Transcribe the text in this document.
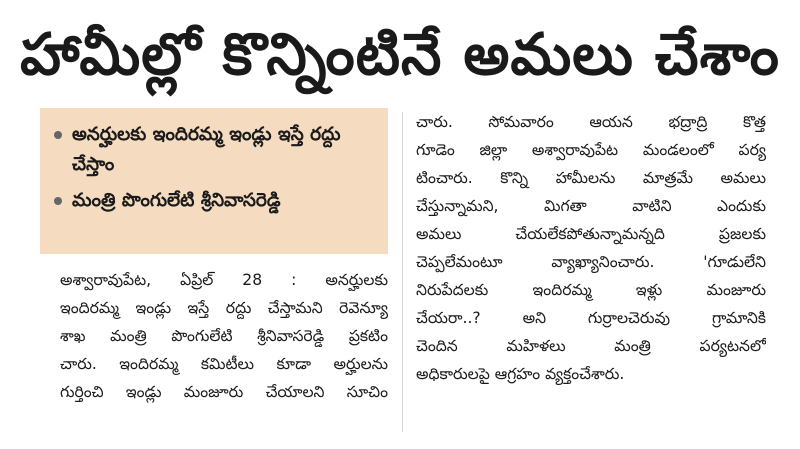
హామీల్లో కొన్నింటినే అమలు చేశాం
అనర్హులకు ఇందిరమ్మ ఇండ్లు ఇస్తే రద్దు చేస్తాం
మంత్రి పొంగులేటి శ్రీనివాసరెడ్డి
అశ్వారావుపేట, ఏప్రిల్ 28 : అనర్హులకు
ఇందిరమ్మ ఇండ్లు ఇస్తే రద్దు చేస్తామని రెవెన్యూ
శాఖ మంత్రి పొంగులేటి శ్రీనివాసరెడ్డి ప్రకటిం
చారు. ఇందిరమ్మ కమిటీలు కూడా అర్హులను
గుర్తించి ఇండ్లు మంజూరు చేయాలని సూచిం
చారు. సోమవారం ఆయన భద్రాద్రి కొత్త
గూడెం జిల్లా అశ్వారావుపేట మండలంలో పర్య
టించారు. కొన్ని హామీలను మాత్రమే అమలు
చేస్తున్నామని, మిగతా వాటిని ఎందుకు
అమలు చేయలేకపోతున్నామన్నది ప్రజలకు
చెప్పలేమంటూ వ్యాఖ్యానించారు. 'గూడులేని
నిరుపేదలకు ఇందిరమ్మ ఇళ్లు మంజూరు
చేయరా..? అని గుర్రాలచెరువు గ్రామానికి
చెందిన మహిళలు మంత్రి పర్యటనలో
అధికారులపై ఆగ్రహం వ్యక్తంచేశారు.
